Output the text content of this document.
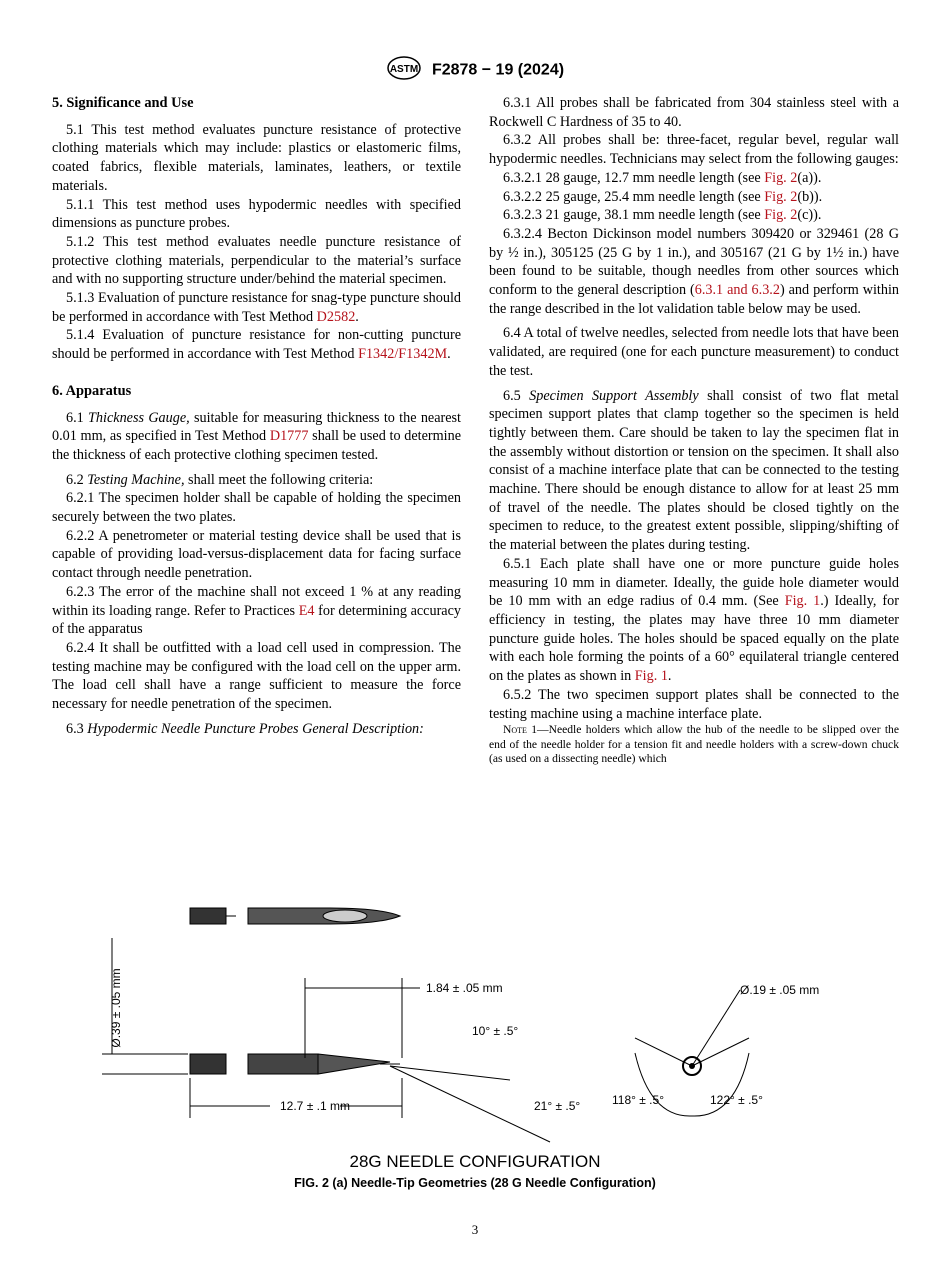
ASTM F2878 − 19 (2024)
5. Significance and Use

5.1 This test method evaluates puncture resistance of protective clothing materials which may include: plastics or elastomeric films, coated fabrics, flexible materials, laminates, leathers, or textile materials.

5.1.1 This test method uses hypodermic needles with specified dimensions as puncture probes.

5.1.2 This test method evaluates needle puncture resistance of protective clothing materials, perpendicular to the material’s surface and with no supporting structure under/behind the material specimen.

5.1.3 Evaluation of puncture resistance for snag-type puncture should be performed in accordance with Test Method D2582.

5.1.4 Evaluation of puncture resistance for non-cutting puncture should be performed in accordance with Test Method F1342/F1342M.

6. Apparatus

6.1 Thickness Gauge, suitable for measuring thickness to the nearest 0.01 mm, as specified in Test Method D1777 shall be used to determine the thickness of each protective clothing specimen tested.

6.2 Testing Machine, shall meet the following criteria:

6.2.1 The specimen holder shall be capable of holding the specimen securely between the two plates.

6.2.2 A penetrometer or material testing device shall be used that is capable of providing load-versus-displacement data for facing surface contact through needle penetration.

6.2.3 The error of the machine shall not exceed 1 % at any reading within its loading range. Refer to Practices E4 for determining accuracy of the apparatus

6.2.4 It shall be outfitted with a load cell used in compression. The testing machine may be configured with the load cell on the upper arm. The load cell shall have a range sufficient to measure the force necessary for needle penetration of the specimen.

6.3 Hypodermic Needle Puncture Probes General Description:

6.3.1 All probes shall be fabricated from 304 stainless steel with a Rockwell C Hardness of 35 to 40.

6.3.2 All probes shall be: three-facet, regular bevel, regular wall hypodermic needles. Technicians may select from the following gauges:

6.3.2.1 28 gauge, 12.7 mm needle length (see Fig. 2(a)).

6.3.2.2 25 gauge, 25.4 mm needle length (see Fig. 2(b)).

6.3.2.3 21 gauge, 38.1 mm needle length (see Fig. 2(c)).

6.3.2.4 Becton Dickinson model numbers 309420 or 329461 (28 G by ½ in.), 305125 (25 G by 1 in.), and 305167 (21 G by 1½ in.) have been found to be suitable, though needles from other sources which conform to the general description (6.3.1 and 6.3.2) and perform within the range described in the lot validation table below may be used.

6.4 A total of twelve needles, selected from needle lots that have been validated, are required (one for each puncture measurement) to conduct the test.

6.5 Specimen Support Assembly shall consist of two flat metal specimen support plates that clamp together so the specimen is held tightly between them. Care should be taken to lay the specimen flat in the assembly without distortion or tension on the specimen. It shall also consist of a machine interface plate that can be connected to the testing machine. There should be enough distance to allow for at least 25 mm of travel of the needle. The plates should be closed tightly on the specimen to reduce, to the greatest extent possible, slipping/shifting of the material between the plates during testing.

6.5.1 Each plate shall have one or more puncture guide holes measuring 10 mm in diameter. Ideally, the guide hole diameter would be 10 mm with an edge radius of 0.4 mm. (See Fig. 1.) Ideally, for efficiency in testing, the plates may have three 10 mm diameter puncture guide holes. The holes should be spaced equally on the plate with each hole forming the points of a 60° equilateral triangle centered on the plates as shown in Fig. 1.

6.5.2 The two specimen support plates shall be connected to the testing machine using a machine interface plate.

Note 1—Needle holders which allow the hub of the needle to be slipped over the end of the needle holder for a tension fit and needle holders with a screw-down chuck (as used on a dissecting needle) which

Ø.39 ± .05 mm	1.84 ± .05 mm
12.7 ± .1 mm
10° ± .5°
21° ± .5°
Ø.19 ± .05 mm
118° ± .5°	122° ± .5°
28G NEEDLE CONFIGURATION
FIG. 2 (a) Needle-Tip Geometries (28 G Needle Configuration)
3
